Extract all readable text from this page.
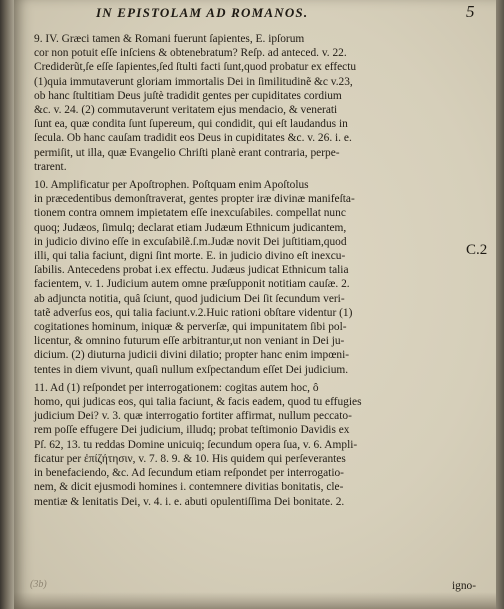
IN EPISTOLAM AD ROMANOS.	5
9. IV. Græci tamen & Romani fuerunt ſapientes, E. ipſorum
cor non potuit eſſe inſciens & obtenebratum? Reſp. ad anteced. v. 22.
Crediderũt,ſe eſſe ſapientes,ſed ſtulti facti ſunt,quod probatur ex effectu
(1)quia immutaverunt gloriam immortalis Dei in ſimilitudinẽ &c v.23,
ob hanc ſtultitiam Deus juſtè tradidit gentes per cupiditates cordium
&c. v. 24. (2) commutaverunt veritatem ejus mendacio, & venerati
ſunt ea, quæ condita ſunt ſupereum, qui condidit, qui eſt laudandus in
ſecula. Ob hanc cauſam tradidit eos Deus in cupiditates &c. v. 26. i. e.
permiſit, ut illa, quæ Evangelio Chriſti planè erant contraria, perpe-
trarent.
10. Amplificatur per Apoſtrophen. Poſtquam enim Apoſtolus
in præcedentibus demonſtraverat, gentes propter iræ divinæ manifeſta-
tionem contra omnem impietatem eſſe inexcuſabiles. compellat nunc
quoq; Judæos, ſimulq; declarat etiam Judæum Ethnicum judicantem,
in judicio divino eſſe in excuſabilẽ.ſ.m.Judæ novit Dei juſtitiam,quod
illi, qui talia faciunt, digni ſint morte. E. in judicio divino eſt inexcu-
ſabilis. Antecedens probat i.ex effectu. Judæus judicat Ethnicum talia
facientem, v. 1. Judicium autem omne præſupponit notitiam cauſæ. 2.
ab adjuncta notitia, quâ ſciunt, quod judicium Dei ſit ſecundum veri-
tatẽ adverſus eos, qui talia faciunt.v.2.Huic rationi obſtare videntur (1)
cogitationes hominum, iniquæ & perverſæ, qui impunitatem ſibi pol-
licentur, & omnino futurum eſſe arbitrantur,ut non veniant in Dei ju-
dicium. (2) diuturna judicii divini dilatio; propter hanc enim impœni-
tentes in diem vivunt, quaſi nullum exſpectandum eſſet Dei judicium.
11. Ad (1) reſpondet per interrogationem: cogitas autem hoc, ô
homo, qui judicas eos, qui talia faciunt, & facis eadem, quod tu effugies
judicium Dei? v. 3. quæ interrogatio fortiter affirmat, nullum peccato-
rem poſſe effugere Dei judicium, illudq; probat teſtimonio Davidis ex
Pſ. 62, 13. tu reddas Domine unicuiq; ſecundum opera ſua, v. 6. Ampli-
ficatur per ἐπίζήτησιν, v. 7. 8. 9. & 10. His quidem qui perſeverantes
in benefaciendo, &c. Ad ſecundum etiam reſpondet per interrogatio-
nem, & dicit ejusmodi homines i. contemnere divitias bonitatis, cle-
mentiæ & lenitatis Dei, v. 4. i. e. abuti opulentiſſima Dei bonitate. 2.
C.2
(3b)	igno-
